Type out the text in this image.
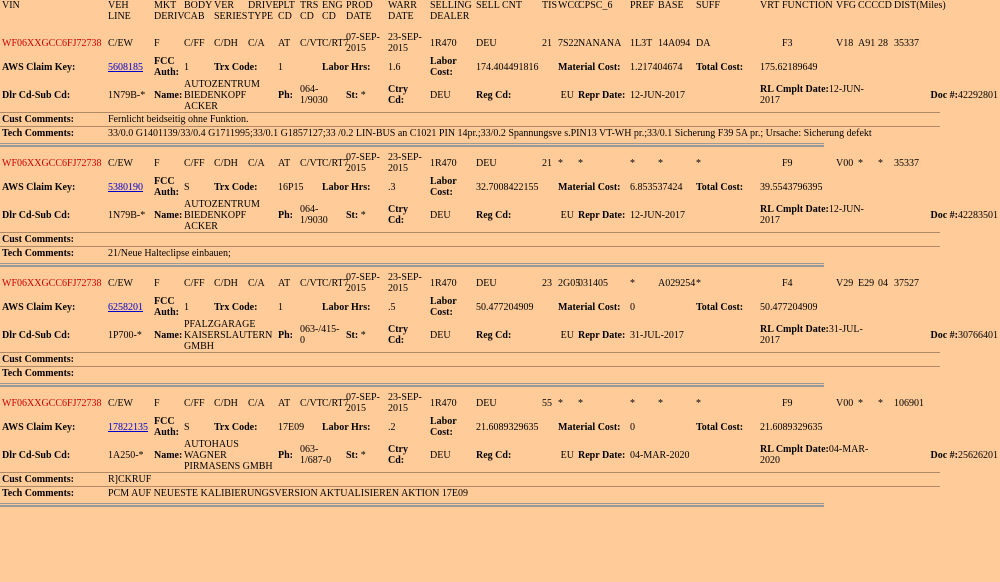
VIN	VEH LINE	MKT DERIV	BODY CAB	VER SERIES	DRIVE TYPE	PLT CD	TRS CD	ENG CD	PROD DATE	WARR DATE	SELLING DEALER	SELL CNT	TIS	WCC	CPSC_6	PREF	BASE	SUFF	VRT	FUNCTION	VFG	CCC	CD	DIST(Miles)
WF06XXGCC6FJ72738	C/EW	F	C/FF	C/DH	C/A	AT	C/VT	C/RT7	07-SEP-2015	23-SEP-2015	1R470	DEU	21	7S22	NANANA	1L3T	14A094	DA		F3	V18	A91	28	35337
AWS Claim Key:	5608185	FCC Auth:	1	Trx Code:		1		Labor Hrs:		1.6	Labor Cost:	174.404491816		Material Cost:		1.217404674		Total Cost:	175.62189649					
Dlr Cd-Sub Cd:	1N79B-*	Name:	AUTOZENTRUM BIEDENKOPF ACKER			Ph:	064-1/9030		St: *	Ctry Cd:	DEU	Reg Cd:	EU		Repr Date:	12-JUN-2017			RL Cmplt Date:12-JUN-2017				Doc #:42292801	
Cust Comments:	Fernlicht beidseitig ohne Funktion.																							
Tech Comments:	33/0.0 G1401139/33/0.4 G1711995;33/0.1 G1857127;33 /0.2 LIN-BUS an C1021 PIN 14pr.;33/0.2 Spannungsve s.PIN13 VT-WH pr.;33/0.1 Sicherung F39 5A pr.; Ursache: Sicherung defekt																							

WF06XXGCC6FJ72738	C/EW	F	C/FF	C/DH	C/A	AT	C/VT	C/RT7	07-SEP-2015	23-SEP-2015	1R470	DEU	21	*	*	*	*	*		F9	V00	*	*	35337
AWS Claim Key:	5380190	FCC Auth:	S	Trx Code:		16P15		Labor Hrs:		.3	Labor Cost:	32.7008422155		Material Cost:		6.853537424		Total Cost:	39.5543796395					
Dlr Cd-Sub Cd:	1N79B-*	Name:	AUTOZENTRUM BIEDENKOPF ACKER			Ph:	064-1/9030		St: *	Ctry Cd:	DEU	Reg Cd:	EU		Repr Date:	12-JUN-2017			RL Cmplt Date:12-JUN-2017				Doc #:42283501	
Cust Comments:																								
Tech Comments:	21/Neue Halteclipse einbauen;																							

WF06XXGCC6FJ72738	C/EW	F	C/FF	C/DH	C/A	AT	C/VT	C/RT7	07-SEP-2015	23-SEP-2015	1R470	DEU	23	2G05	031405	*	A029254	*		F4	V29	E29	04	37527
AWS Claim Key:	6258201	FCC Auth:	1	Trx Code:		1		Labor Hrs:		.5	Labor Cost:	50.477204909		Material Cost:		0		Total Cost:	50.477204909					
Dlr Cd-Sub Cd:	1P700-*	Name:	PFALZGARAGE KAISERSLAUTERN GMBH			Ph:	063-/415-0		St: *	Ctry Cd:	DEU	Reg Cd:	EU		Repr Date:	31-JUL-2017			RL Cmplt Date:31-JUL-2017				Doc #:30766401	
Cust Comments:																								
Tech Comments:																								

WF06XXGCC6FJ72738	C/EW	F	C/FF	C/DH	C/A	AT	C/VT	C/RT7	07-SEP-2015	23-SEP-2015	1R470	DEU	55	*	*	*	*	*		F9	V00	*	*	106901
AWS Claim Key:	17822135	FCC Auth:	S	Trx Code:		17E09		Labor Hrs:		.2	Labor Cost:	21.6089329635		Material Cost:		0		Total Cost:	21.6089329635					
Dlr Cd-Sub Cd:	1A250-*	Name:	AUTOHAUS WAGNER PIRMASENS GMBH			Ph:	063-1/687-0		St: *	Ctry Cd:	DEU	Reg Cd:	EU		Repr Date:	04-MAR-2020			RL Cmplt Date:04-MAR-2020				Doc #:25626201	
Cust Comments:	R]CKRUF																							
Tech Comments:	PCM AUF NEUESTE KALIBIERUNGSVERSION AKTUALISIEREN AKTION 17E09																							
